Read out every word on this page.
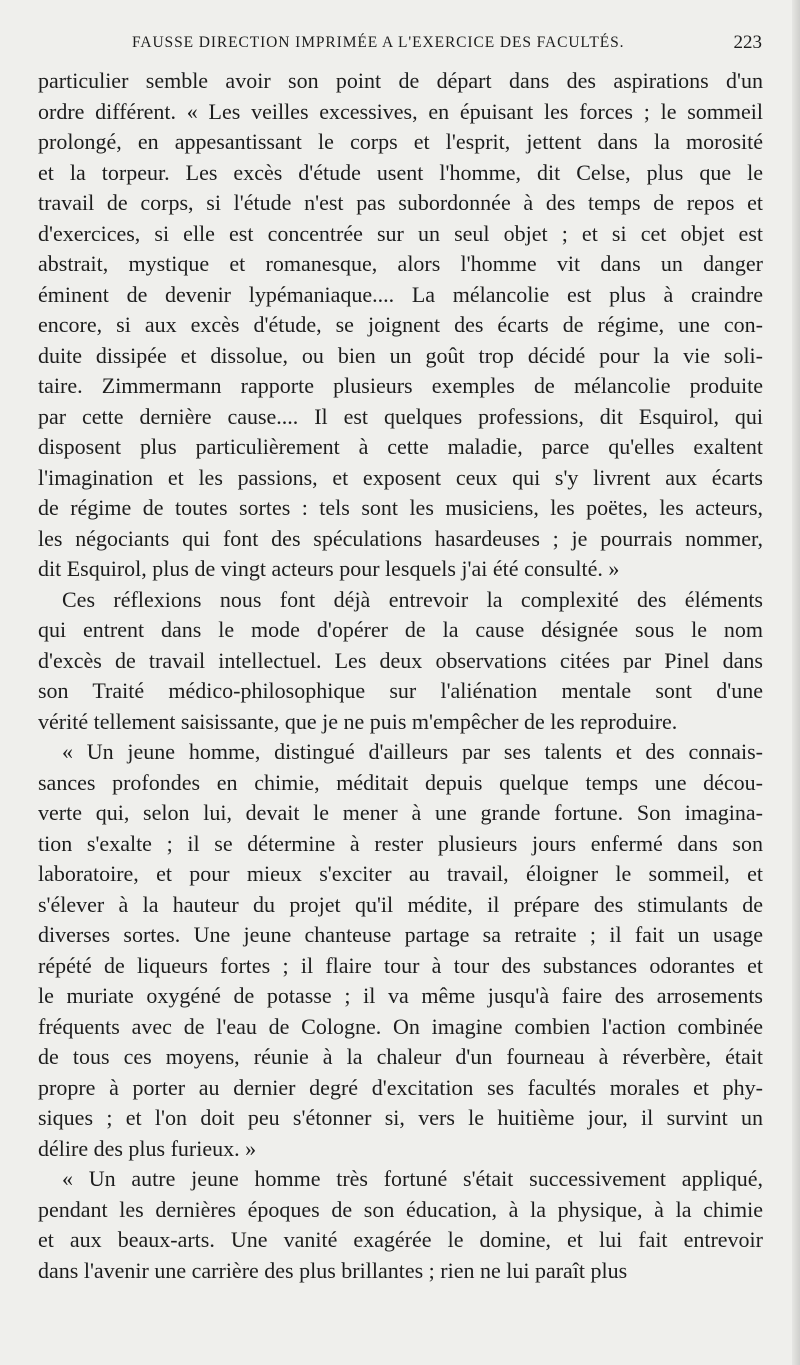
FAUSSE DIRECTION IMPRIMÉE A L'EXERCICE DES FACULTÉS.	223
particulier semble avoir son point de départ dans des aspirations d'un
ordre différent. « Les veilles excessives, en épuisant les forces ; le sommeil
prolongé, en appesantissant le corps et l'esprit, jettent dans la morosité
et la torpeur. Les excès d'étude usent l'homme, dit Celse, plus que le
travail de corps, si l'étude n'est pas subordonnée à des temps de repos et
d'exercices, si elle est concentrée sur un seul objet ; et si cet objet est
abstrait, mystique et romanesque, alors l'homme vit dans un danger
éminent de devenir lypémaniaque.... La mélancolie est plus à craindre
encore, si aux excès d'étude, se joignent des écarts de régime, une con-
duite dissipée et dissolue, ou bien un goût trop décidé pour la vie soli-
taire. Zimmermann rapporte plusieurs exemples de mélancolie produite
par cette dernière cause.... Il est quelques professions, dit Esquirol, qui
disposent plus particulièrement à cette maladie, parce qu'elles exaltent
l'imagination et les passions, et exposent ceux qui s'y livrent aux écarts
de régime de toutes sortes : tels sont les musiciens, les poëtes, les acteurs,
les négociants qui font des spéculations hasardeuses ; je pourrais nommer,
dit Esquirol, plus de vingt acteurs pour lesquels j'ai été consulté. »
Ces réflexions nous font déjà entrevoir la complexité des éléments
qui entrent dans le mode d'opérer de la cause désignée sous le nom
d'excès de travail intellectuel. Les deux observations citées par Pinel dans
son Traité médico-philosophique sur l'aliénation mentale sont d'une
vérité tellement saisissante, que je ne puis m'empêcher de les reproduire.
« Un jeune homme, distingué d'ailleurs par ses talents et des connais-
sances profondes en chimie, méditait depuis quelque temps une décou-
verte qui, selon lui, devait le mener à une grande fortune. Son imagina-
tion s'exalte ; il se détermine à rester plusieurs jours enfermé dans son
laboratoire, et pour mieux s'exciter au travail, éloigner le sommeil, et
s'élever à la hauteur du projet qu'il médite, il prépare des stimulants de
diverses sortes. Une jeune chanteuse partage sa retraite ; il fait un usage
répété de liqueurs fortes ; il flaire tour à tour des substances odorantes et
le muriate oxygéné de potasse ; il va même jusqu'à faire des arrosements
fréquents avec de l'eau de Cologne. On imagine combien l'action combinée
de tous ces moyens, réunie à la chaleur d'un fourneau à réverbère, était
propre à porter au dernier degré d'excitation ses facultés morales et phy-
siques ; et l'on doit peu s'étonner si, vers le huitième jour, il survint un
délire des plus furieux. »
« Un autre jeune homme très fortuné s'était successivement appliqué,
pendant les dernières époques de son éducation, à la physique, à la chimie
et aux beaux-arts. Une vanité exagérée le domine, et lui fait entrevoir
dans l'avenir une carrière des plus brillantes ; rien ne lui paraît plus
